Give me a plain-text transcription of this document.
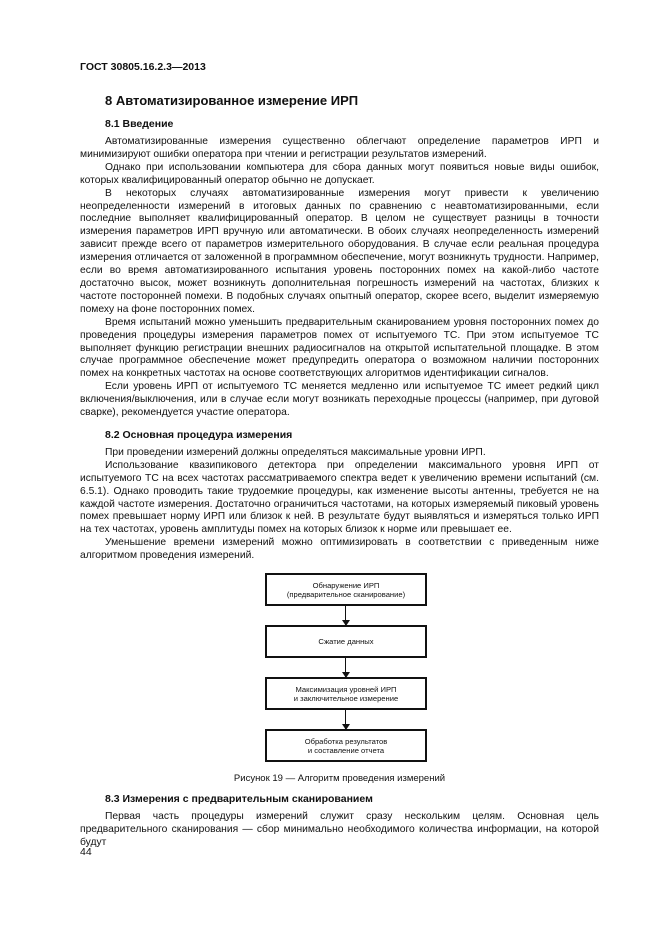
ГОСТ 30805.16.2.3—2013
8 Автоматизированное измерение ИРП
8.1 Введение

Автоматизированные измерения существенно облегчают определение параметров ИРП и минимизируют ошибки оператора при чтении и регистрации результатов измерений.

Однако при использовании компьютера для сбора данных могут появиться новые виды ошибок, которых квалифицированный оператор обычно не допускает.

В некоторых случаях автоматизированные измерения могут привести к увеличению неопределенности измерений в итоговых данных по сравнению с неавтоматизированными, если последние выполняет квалифицированный оператор. В целом не существует разницы в точности измерения параметров ИРП вручную или автоматически. В обоих случаях неопределенность измерений зависит прежде всего от параметров измерительного оборудования. В случае если реальная процедура измерения отличается от заложенной в программном обеспечение, могут возникнуть трудности. Например, если во время автоматизированного испытания уровень посторонних помех на какой-либо частоте достаточно высок, может возникнуть дополнительная погрешность измерений на частотах, близких к частоте посторонней помехи. В подобных случаях опытный оператор, скорее всего, выделит измеряемую помеху на фоне посторонних помех.

Время испытаний можно уменьшить предварительным сканированием уровня посторонних помех до проведения процедуры измерения параметров помех от испытуемого ТС. При этом испытуемое ТС выполняет функцию регистрации внешних радиосигналов на открытой испытательной площадке. В этом случае программное обеспечение может предупредить оператора о возможном наличии посторонних помех на конкретных частотах на основе соответствующих алгоритмов идентификации сигналов.

Если уровень ИРП от испытуемого ТС меняется медленно или испытуемое ТС имеет редкий цикл включения/выключения, или в случае если могут возникать переходные процессы (например, при дуговой сварке), рекомендуется участие оператора.

8.2 Основная процедура измерения

При проведении измерений должны определяться максимальные уровни ИРП.

Использование квазипикового детектора при определении максимального уровня ИРП от испытуемого ТС на всех частотах рассматриваемого спектра ведет к увеличению времени испытаний (см. 6.5.1). Однако проводить такие трудоемкие процедуры, как изменение высоты антенны, требуется не на каждой частоте измерения. Достаточно ограничиться частотами, на которых измеряемый пиковый уровень помех превышает норму ИРП или близок к ней. В результате будут выявляться и измеряться только ИРП на тех частотах, уровень амплитуды помех на которых близок к норме или превышает ее.

Уменьшение времени измерений можно оптимизировать в соответствии с приведенным ниже алгоритмом проведения измерений.

Обнаружение ИРП
(предварительное сканирование)
Сжатие данных
Максимизация уровней ИРП
и заключительное измерение
Обработка результатов
и составление отчета
Рисунок 19 — Алгоритм проведения измерений
8.3 Измерения с предварительным сканированием

Первая часть процедуры измерений служит сразу нескольким целям. Основная цель предварительного сканирования — сбор минимально необходимого количества информации, на которой будут

44
